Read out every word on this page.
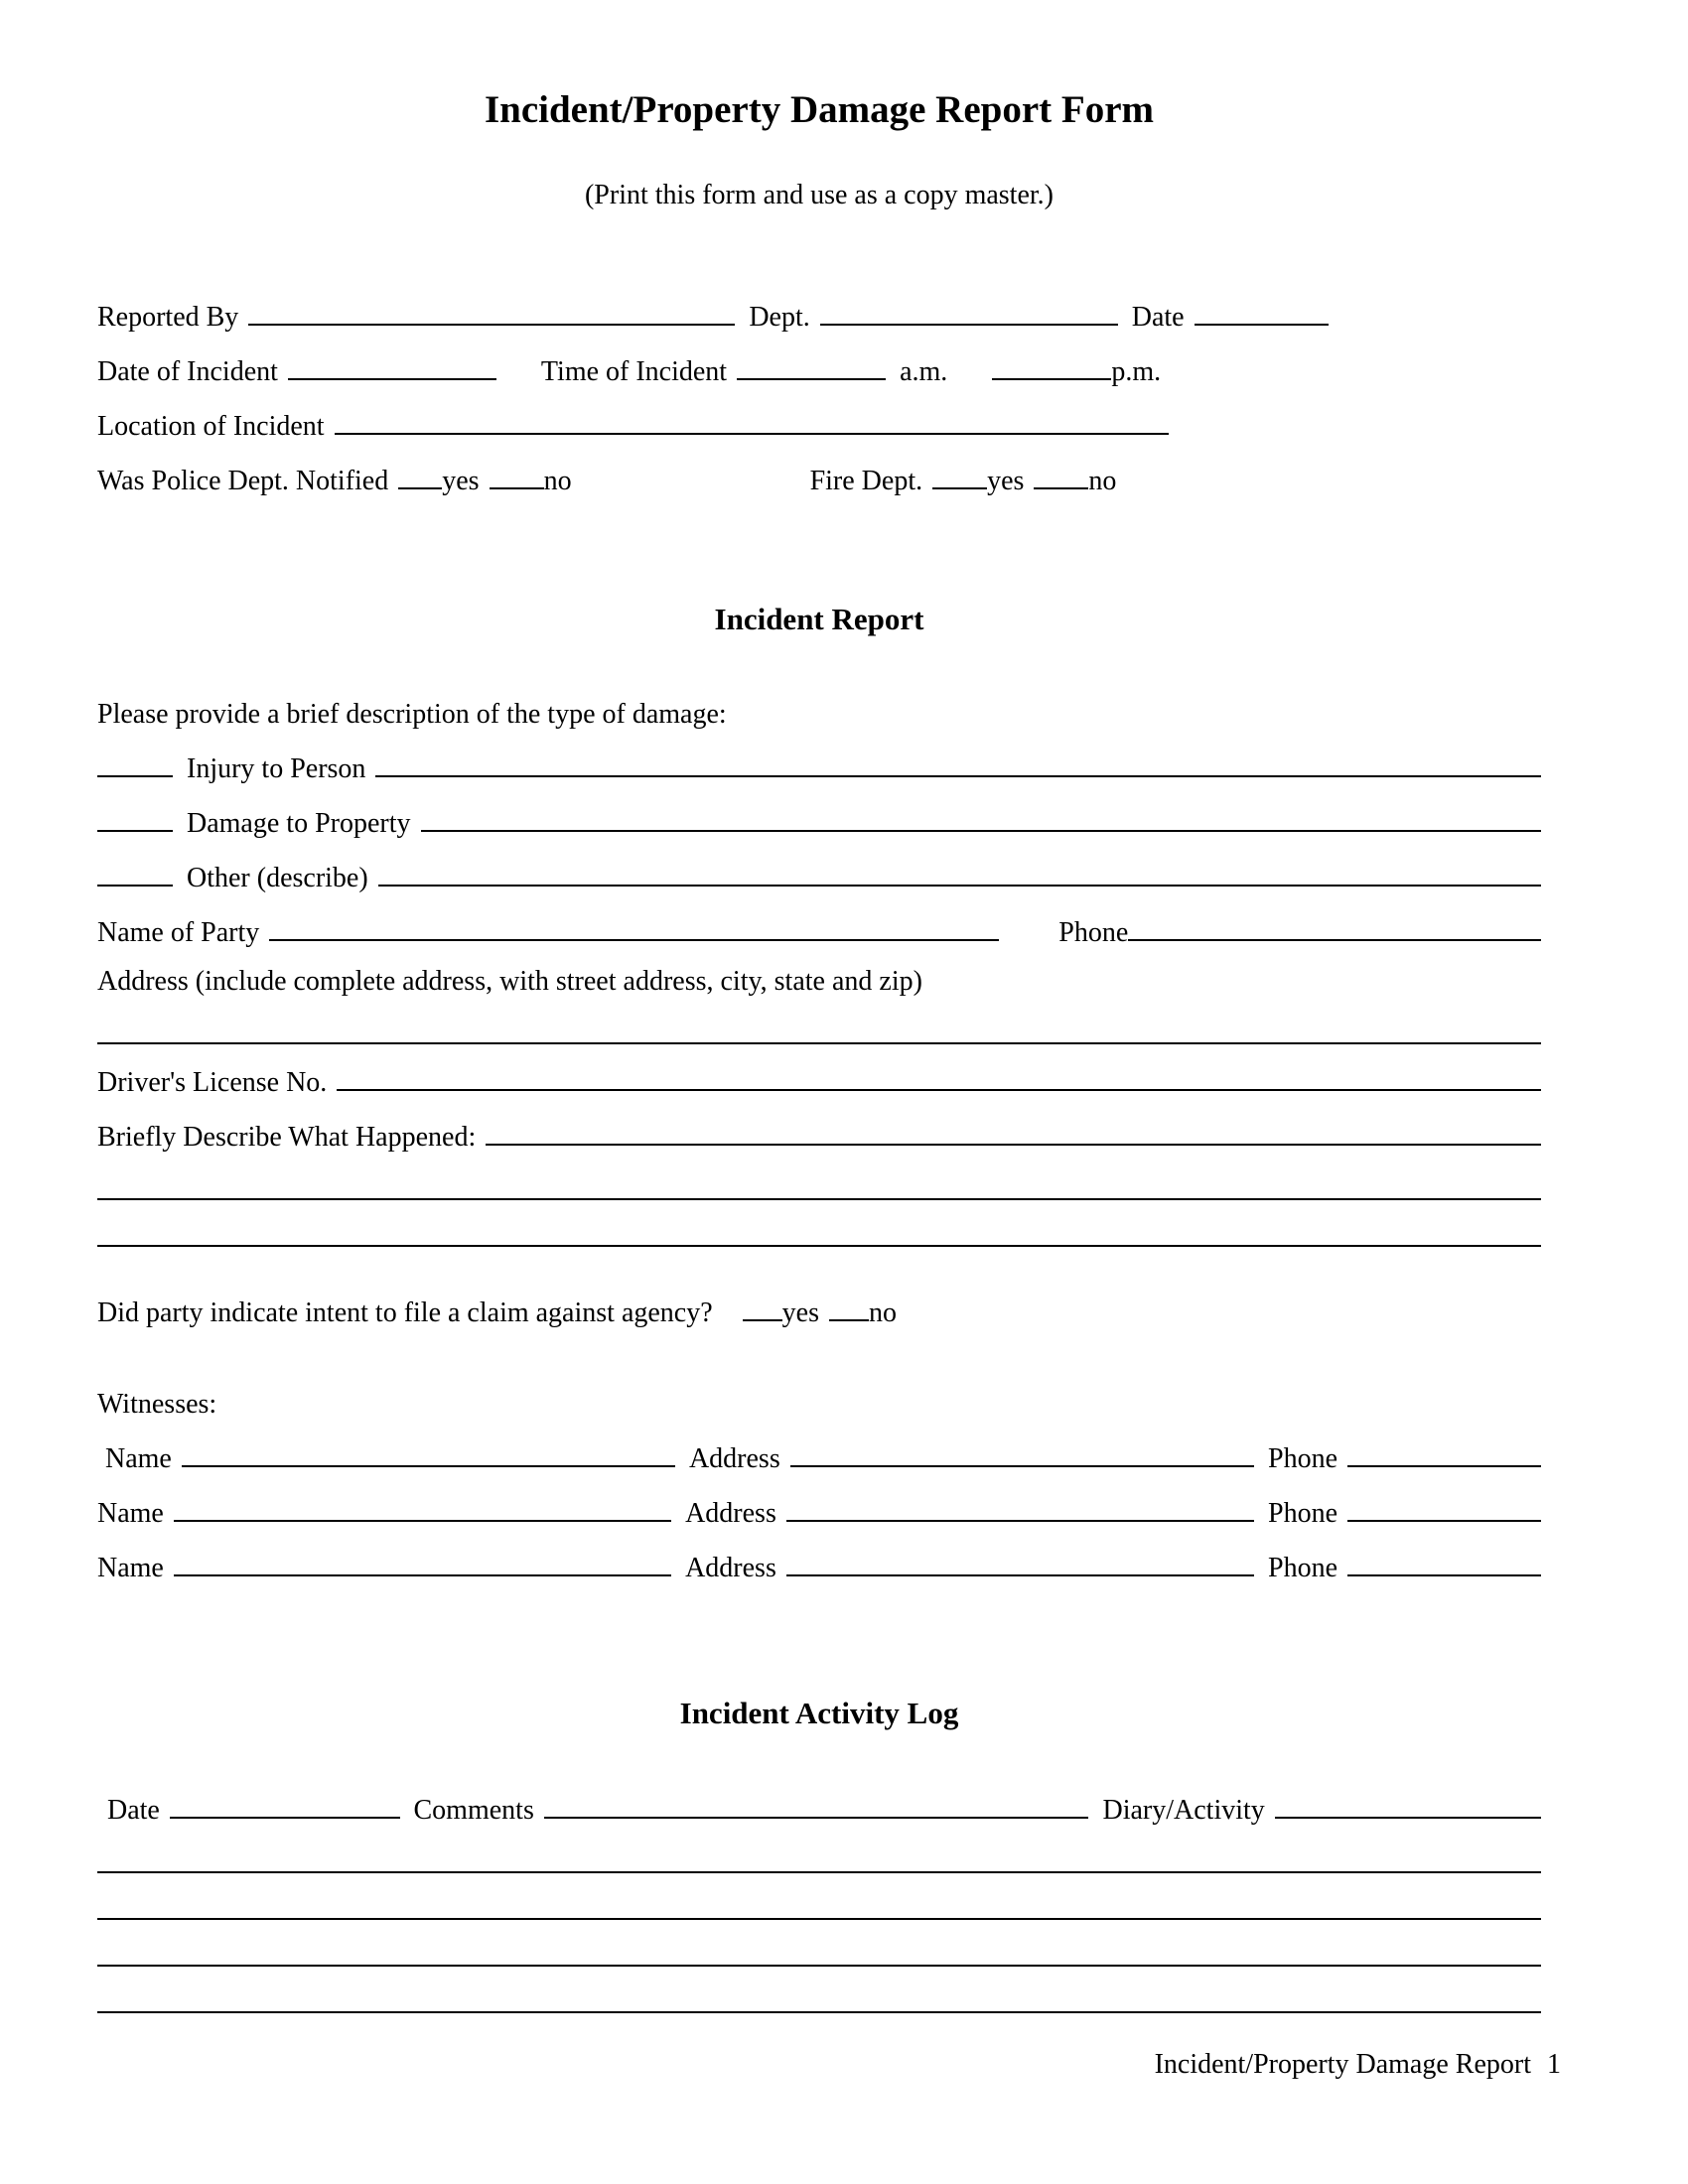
Incident/Property Damage Report Form

(Print this form and use as a copy master.)

Reported By	Dept.	Date
Date of Incident	Time of Incident	a.m.	p.m.
Location of Incident
Was Police Dept. Notified yes no	Fire Dept. yes no
Incident Report
Please provide a brief description of the type of damage:
Injury to Person
Damage to Property
Other (describe)
Name of Party	Phone
Address (include complete address, with street address, city, state and zip)
Driver's License No.
Briefly Describe What Happened:
Did party indicate intent to file a claim against agency?	yes no
Witnesses:
Name	Address	Phone
Name	Address	Phone
Name	Address	Phone
Incident Activity Log
Date	Comments	Diary/Activity
Incident/Property Damage Report 1
